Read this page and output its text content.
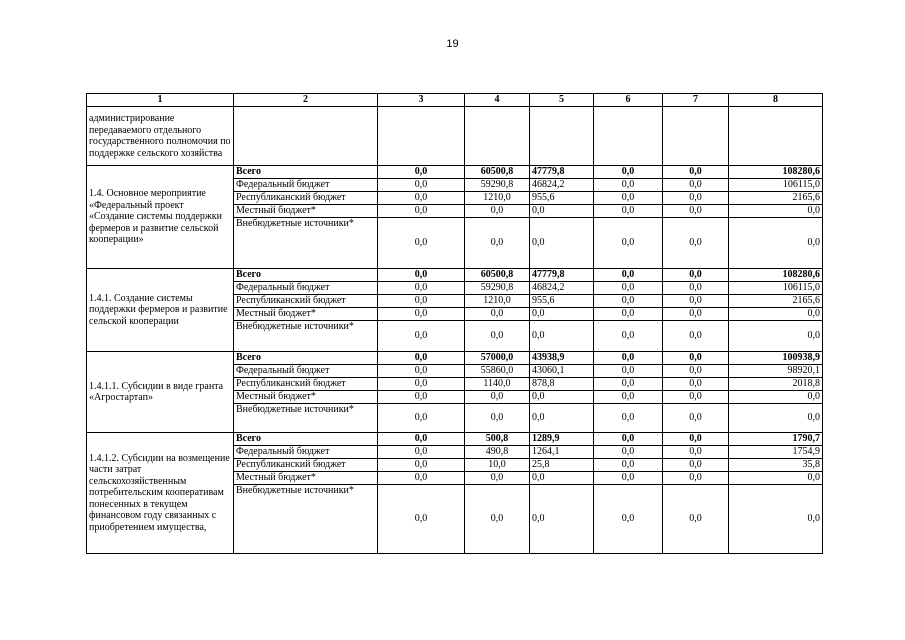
19
1	2	3	4	5	6	7	8
администрирование передаваемого отдельного государственного полномочия по поддержке сельского хозяйства							
1.4. Основное мероприятие «Федеральный проект «Создание системы поддержки фермеров и развитие сельской кооперации»	Всего	0,0	60500,8	47779,8	0,0	0,0	108280,6
	Федеральный бюджет	0,0	59290,8	46824,2	0,0	0,0	106115,0
	Республиканский бюджет	0,0	1210,0	955,6	0,0	0,0	2165,6
	Местный бюджет*	0,0	0,0	0,0	0,0	0,0	0,0
	Внебюджетные источники*	0,0	0,0	0,0	0,0	0,0	0,0
1.4.1. Создание системы поддержки фермеров и развитие сельской кооперации	Всего	0,0	60500,8	47779,8	0,0	0,0	108280,6
	Федеральный бюджет	0,0	59290,8	46824,2	0,0	0,0	106115,0
	Республиканский бюджет	0,0	1210,0	955,6	0,0	0,0	2165,6
	Местный бюджет*	0,0	0,0	0,0	0,0	0,0	0,0
	Внебюджетные источники*	0,0	0,0	0,0	0,0	0,0	0,0
1.4.1.1. Субсидии в виде гранта «Агростартап»	Всего	0,0	57000,0	43938,9	0,0	0,0	100938,9
	Федеральный бюджет	0,0	55860,0	43060,1	0,0	0,0	98920,1
	Республиканский бюджет	0,0	1140,0	878,8	0,0	0,0	2018,8
	Местный бюджет*	0,0	0,0	0,0	0,0	0,0	0,0
	Внебюджетные источники*	0,0	0,0	0,0	0,0	0,0	0,0
1.4.1.2. Субсидии на возмещение части затрат сельскохозяйственным потребительским кооперативам понесенных в текущем финансовом году связанных с приобретением имущества,	Всего	0,0	500,8	1289,9	0,0	0,0	1790,7
	Федеральный бюджет	0,0	490,8	1264,1	0,0	0,0	1754,9
	Республиканский бюджет	0,0	10,0	25,8	0,0	0,0	35,8
	Местный бюджет*	0,0	0,0	0,0	0,0	0,0	0,0
	Внебюджетные источники*	0,0	0,0	0,0	0,0	0,0	0,0
